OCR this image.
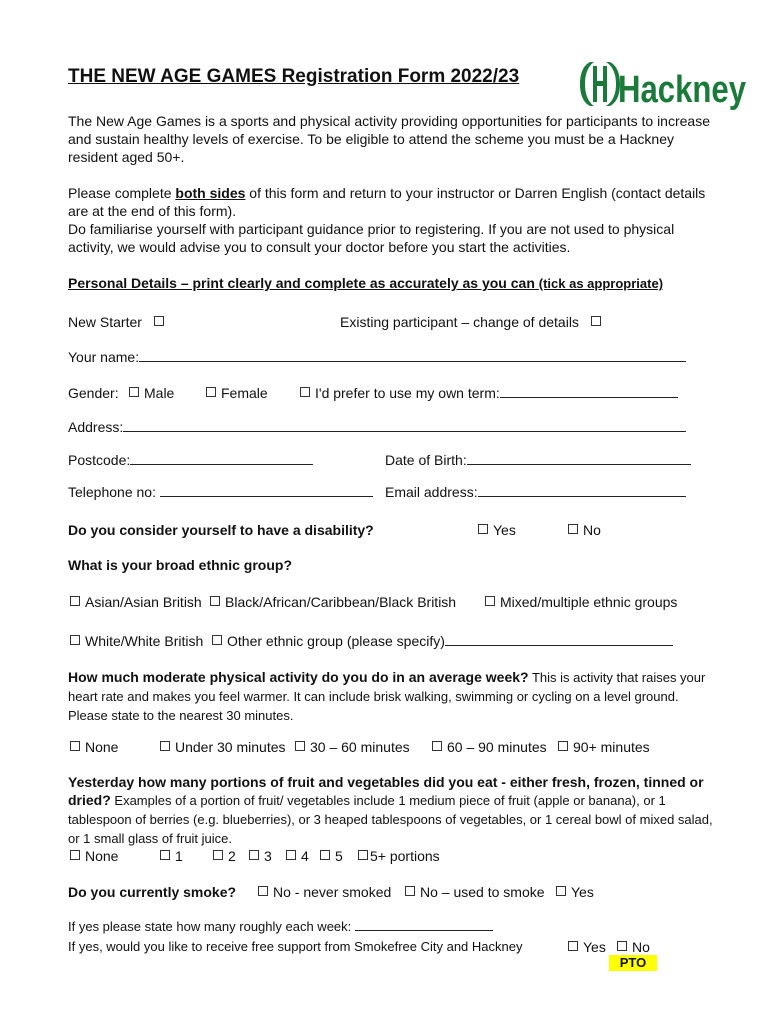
THE NEW AGE GAMES Registration Form 2022/23	Hackney
The New Age Games is a sports and physical activity providing opportunities for participants to increase and sustain healthy levels of exercise. To be eligible to attend the scheme you must be a Hackney resident aged 50+.
Please complete both sides of this form and return to your instructor or Darren English (contact details are at the end of this form).
Do familiarise yourself with participant guidance prior to registering. If you are not used to physical activity, we would advise you to consult your doctor before you start the activities.
Personal Details – print clearly and complete as accurately as you can (tick as appropriate)
New Starter	Existing participant – change of details
Your name:
Gender:	Male	Female	I'd prefer to use my own term:
Address:
Postcode:	Date of Birth:
Telephone no:	Email address:
Do you consider yourself to have a disability?	Yes	No
What is your broad ethnic group?
Asian/Asian British	Black/African/Caribbean/Black British	Mixed/multiple ethnic groups
White/White British	Other ethnic group (please specify)
How much moderate physical activity do you do in an average week? This is activity that raises your heart rate and makes you feel warmer. It can include brisk walking, swimming or cycling on a level ground. Please state to the nearest 30 minutes.
None	Under 30 minutes	30 – 60 minutes	60 – 90 minutes	90+ minutes
Yesterday how many portions of fruit and vegetables did you eat - either fresh, frozen, tinned or dried? Examples of a portion of fruit/ vegetables include 1 medium piece of fruit (apple or banana), or 1 tablespoon of berries (e.g. blueberries), or 3 heaped tablespoons of vegetables, or 1 cereal bowl of mixed salad, or 1 small glass of fruit juice.
None	1	2	3	4	5	5+ portions
Do you currently smoke?	No - never smoked	No – used to smoke	Yes
If yes please state how many roughly each week:
If yes, would you like to receive free support from Smokefree City and Hackney	Yes	No
PTO
